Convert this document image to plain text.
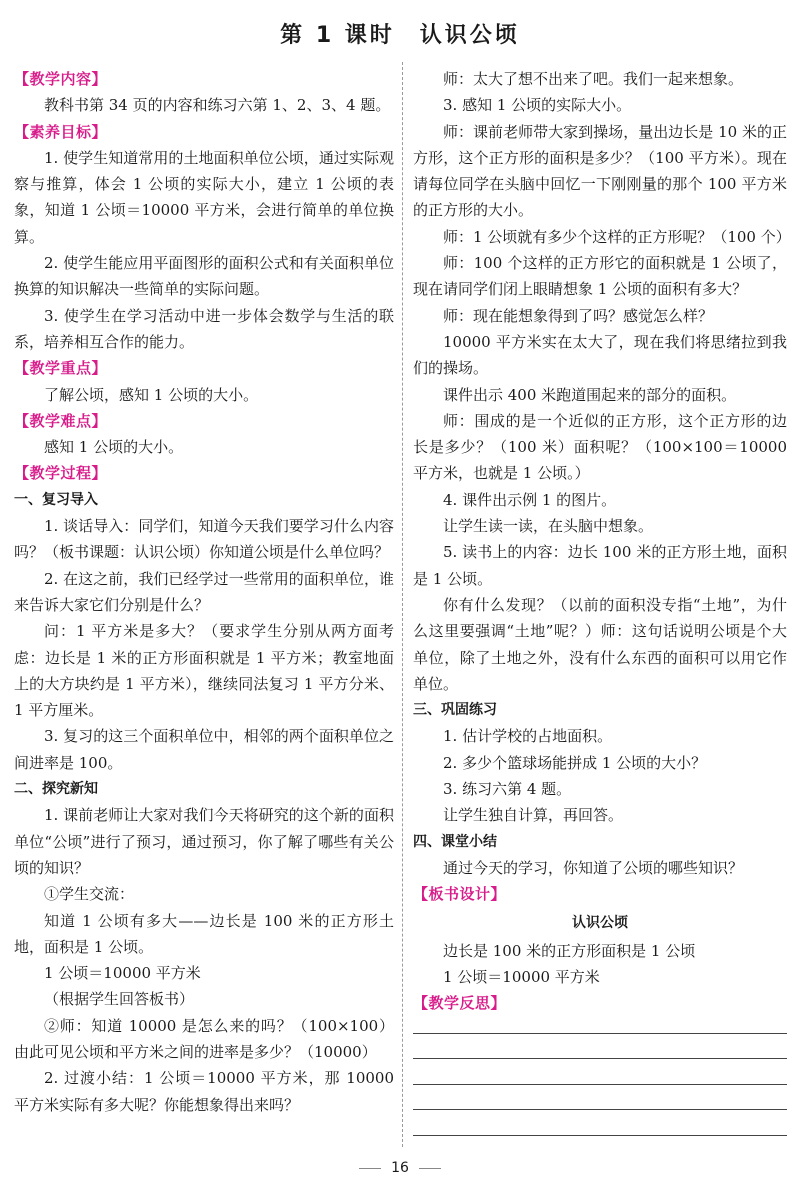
第 1 课时　认识公顷

【教学内容】

教科书第 34 页的内容和练习六第 1、2、3、4 题。

【素养目标】

1. 使学生知道常用的土地面积单位公顷，通过实际观察与推算，体会 1 公顷的实际大小，建立 1 公顷的表象，知道 1 公顷＝10000 平方米，会进行简单的单位换算。

2. 使学生能应用平面图形的面积公式和有关面积单位换算的知识解决一些简单的实际问题。

3. 使学生在学习活动中进一步体会数学与生活的联系，培养相互合作的能力。

【教学重点】

了解公顷，感知 1 公顷的大小。

【教学难点】

感知 1 公顷的大小。

【教学过程】

一、复习导入

1. 谈话导入：同学们，知道今天我们要学习什么内容吗？（板书课题：认识公顷）你知道公顷是什么单位吗？

2. 在这之前，我们已经学过一些常用的面积单位，谁来告诉大家它们分别是什么？

问：1 平方米是多大？（要求学生分别从两方面考虑：边长是 1 米的正方形面积就是 1 平方米；教室地面上的大方块约是 1 平方米），继续同法复习 1 平方分米、1 平方厘米。

3. 复习的这三个面积单位中，相邻的两个面积单位之间进率是 100。

二、探究新知

1. 课前老师让大家对我们今天将研究的这个新的面积单位“公顷”进行了预习，通过预习，你了解了哪些有关公顷的知识？

①学生交流：

知道 1 公顷有多大——边长是 100 米的正方形土地，面积是 1 公顷。

1 公顷＝10000 平方米

（根据学生回答板书）

②师：知道 10000 是怎么来的吗？（100×100）由此可见公顷和平方米之间的进率是多少？（10000）

2. 过渡小结：1 公顷＝10000 平方米，那 10000 平方米实际有多大呢？你能想象得出来吗？

师：太大了想不出来了吧。我们一起来想象。

3. 感知 1 公顷的实际大小。

师：课前老师带大家到操场，量出边长是 10 米的正方形，这个正方形的面积是多少？（100 平方米）。现在请每位同学在头脑中回忆一下刚刚量的那个 100 平方米的正方形的大小。

师：1 公顷就有多少个这样的正方形呢？（100 个）

师：100 个这样的正方形它的面积就是 1 公顷了，现在请同学们闭上眼睛想象 1 公顷的面积有多大？

师：现在能想象得到了吗？感觉怎么样？

10000 平方米实在太大了，现在我们将思绪拉到我们的操场。

课件出示 400 米跑道围起来的部分的面积。

师：围成的是一个近似的正方形，这个正方形的边长是多少？（100 米）面积呢？（100×100＝10000 平方米，也就是 1 公顷。）

4. 课件出示例 1 的图片。

让学生读一读，在头脑中想象。

5. 读书上的内容：边长 100 米的正方形土地，面积是 1 公顷。

你有什么发现？（以前的面积没专指“土地”，为什么这里要强调“土地”呢？）师：这句话说明公顷是个大单位，除了土地之外，没有什么东西的面积可以用它作单位。

三、巩固练习

1. 估计学校的占地面积。

2. 多少个篮球场能拼成 1 公顷的大小？

3. 练习六第 4 题。

让学生独自计算，再回答。

四、课堂小结

通过今天的学习，你知道了公顷的哪些知识？

【板书设计】

认识公顷

边长是 100 米的正方形面积是 1 公顷

1 公顷＝10000 平方米

【教学反思】

16
